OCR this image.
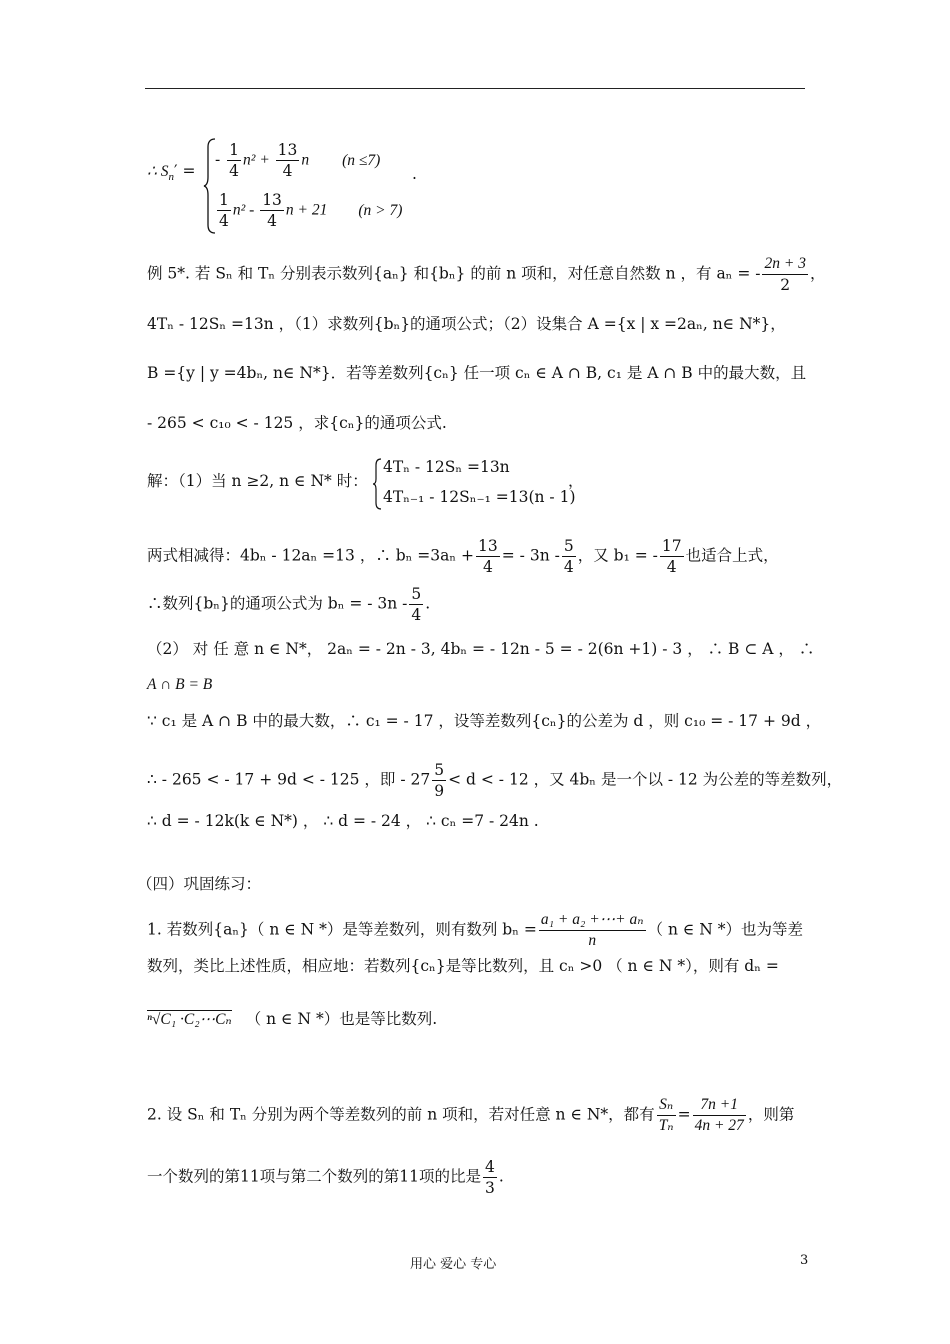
∴ $S_n'$ =
- $\frac{1}{4} n^2 + \frac{13}{4}$ n (n ≤7)
$\frac{1}{4} n^2 - \frac{13}{4}$ n + 21 (n > 7)
.
例 5*. 若 Sₙ 和 Tₙ 分别表示数列{aₙ} 和{bₙ} 的前 n 项和，对任意自然数 n ，有 aₙ = - $\frac{2n + 3}{2}$ ，
4Tₙ - 12Sₙ =13n ，（1）求数列{bₙ}的通项公式；（2）设集合 A ={x | x =2aₙ, n∈ N*}，
B ={y | y =4bₙ, n∈ N*}．若等差数列{cₙ} 任一项 cₙ ∈ A ∩ B, c₁ 是 A ∩ B 中的最大数，且
- 265 < c₁₀ < - 125 ，求{cₙ}的通项公式.
解：（1）当 n ≥2, n ∈ N* 时：
4Tₙ - 12Sₙ =13n
4Tₙ₋₁ - 12Sₙ₋₁ =13(n - 1)
，
两式相减得：4bₙ - 12aₙ =13 ，∴ $b_n =3a_n + \frac{13}{4}$ = - $3n - \frac{5}{4}$ ，又 b₁ = - $\frac{17}{4}$ 也适合上式，
∴数列{bₙ}的通项公式为 bₙ = - $3n - \frac{5}{4}$ .
（2） 对 任 意 n ∈ N*， 2aₙ = - 2n - 3, 4bₙ = - 12n - 5 = - 2(6n +1) - 3 ， ∴ B ⊂ A ， ∴
A ∩ B = B
∵ c₁ 是 A ∩ B 中的最大数，∴ c₁ = - 17 ，设等差数列{cₙ}的公差为 d ，则 c₁₀ = - 17 + 9d ，
∴ - 265 < - 17 + 9d < - 125 ，即 - $27 \frac{5}{9} < d$ < - 12 ，又 4bₙ 是一个以 - 12 为公差的等差数列，
∴ d = - 12k(k ∈ N*) ， ∴ d = - 24 ， ∴ cₙ =7 - 24n .
（四）巩固练习：
1. 若数列{aₙ}（ n ∈ N *）是等差数列，则有数列 $b_n = \frac{\text{a₁ + a₂ +⋯+ aₙ}}{n}$ （ n ∈ N *）也为等差
数列，类比上述性质，相应地：若数列{cₙ}是等比数列，且 cₙ >0 （ n ∈ N *），则有 dₙ =
ⁿ√C₁ ·C₂⋯Cₙ （ n ∈ N *）也是等比数列.
2. 设 Sₙ 和 Tₙ 分别为两个等差数列的前 n 项和，若对任意 n ∈ N*，都有 $\frac{\text{Sₙ}}{\text{Tₙ}} = \frac{7n +1}{4n + 27}$ ，则第
一个数列的第11项与第二个数列的第11项的比是 $\frac{4}{3}$ .
用心 爱心 专心	3
